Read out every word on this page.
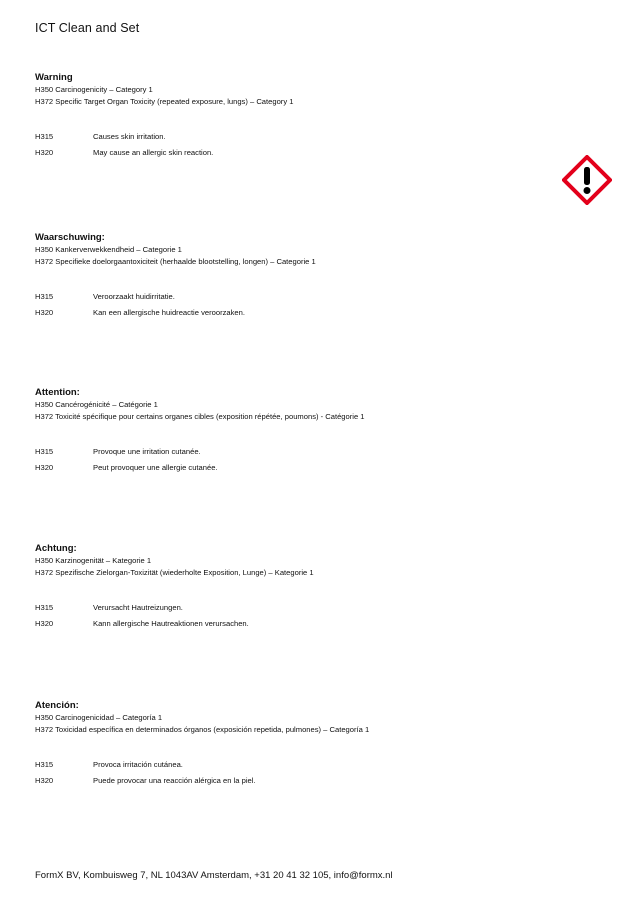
ICT Clean and Set
Warning
H350 Carcinogenicity – Category 1
H372 Specific Target Organ Toxicity (repeated exposure, lungs) – Category 1
H315	Causes skin irritation.
H320	May cause an allergic skin reaction.
Waarschuwing:
H350 Kankerverwekkendheid – Categorie 1
H372 Specifieke doelorgaantoxiciteit (herhaalde blootstelling, longen) – Categorie 1
H315	Veroorzaakt huidirritatie.
H320	Kan een allergische huidreactie veroorzaken.
Attention:
H350 Cancérogénicité – Catégorie 1
H372 Toxicité spécifique pour certains organes cibles (exposition répétée, poumons) - Catégorie 1
H315	Provoque une irritation cutanée.
H320	Peut provoquer une allergie cutanée.
Achtung:
H350 Karzinogenität – Kategorie 1
H372 Spezifische Zielorgan-Toxizität (wiederholte Exposition, Lunge) – Kategorie 1
H315	Verursacht Hautreizungen.
H320	Kann allergische Hautreaktionen verursachen.
Atención:
H350 Carcinogenicidad – Categoría 1
H372 Toxicidad específica en determinados órganos (exposición repetida, pulmones) – Categoría 1
H315	Provoca irritación cutánea.
H320	Puede provocar una reacción alérgica en la piel.
FormX BV, Kombuisweg 7, NL 1043AV Amsterdam, +31 20 41 32 105, info@formx.nl
